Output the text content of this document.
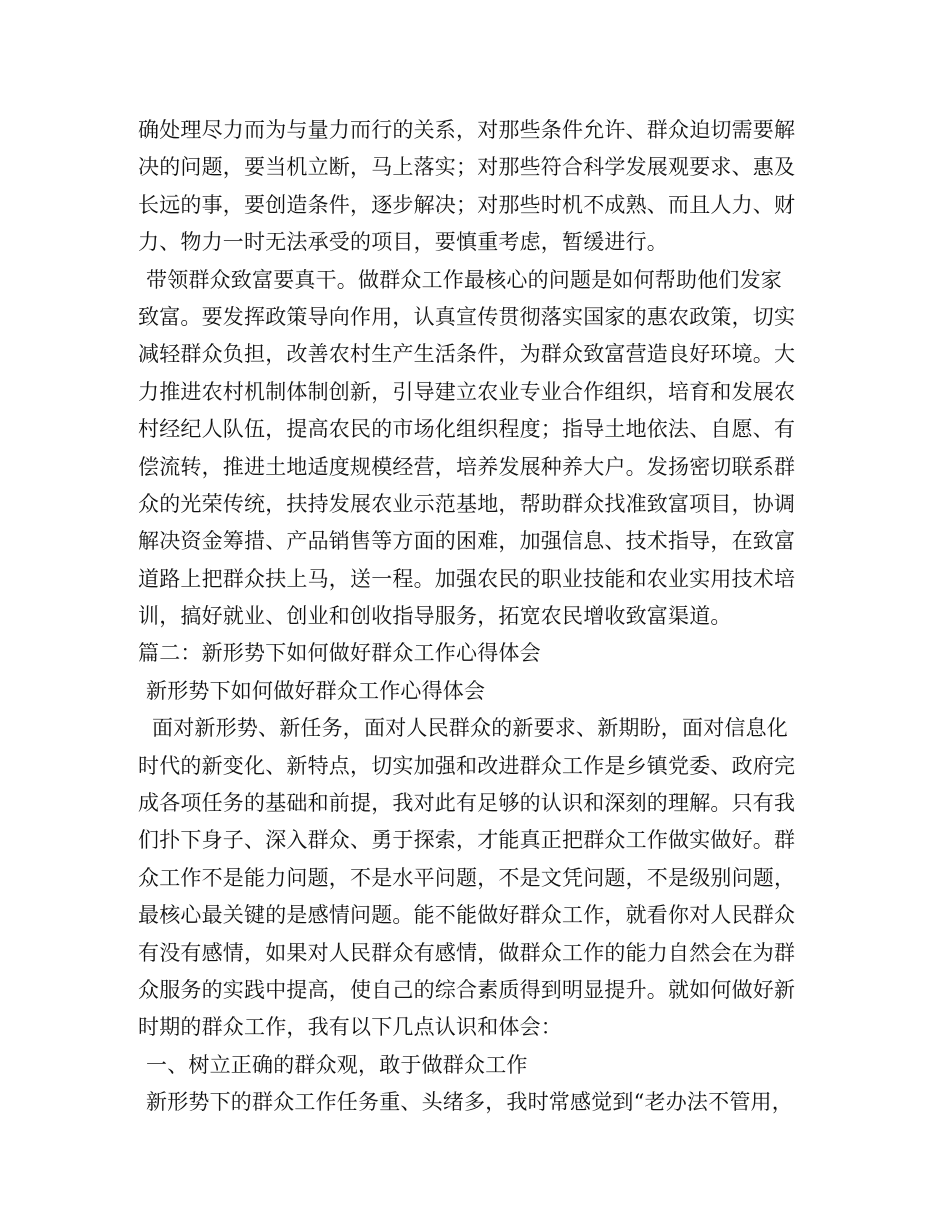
确处理尽力而为与量力而行的关系，对那些条件允许、群众迫切需要解
决的问题，要当机立断，马上落实；对那些符合科学发展观要求、惠及
长远的事，要创造条件，逐步解决；对那些时机不成熟、而且人力、财
力、物力一时无法承受的项目，要慎重考虑，暂缓进行。
带领群众致富要真干。做群众工作最核心的问题是如何帮助他们发家
致富。要发挥政策导向作用，认真宣传贯彻落实国家的惠农政策，切实
减轻群众负担，改善农村生产生活条件，为群众致富营造良好环境。大
力推进农村机制体制创新，引导建立农业专业合作组织，培育和发展农
村经纪人队伍，提高农民的市场化组织程度；指导土地依法、自愿、有
偿流转，推进土地适度规模经营，培养发展种养大户。发扬密切联系群
众的光荣传统，扶持发展农业示范基地，帮助群众找准致富项目，协调
解决资金筹措、产品销售等方面的困难，加强信息、技术指导，在致富
道路上把群众扶上马，送一程。加强农民的职业技能和农业实用技术培
训，搞好就业、创业和创收指导服务，拓宽农民增收致富渠道。
篇二：新形势下如何做好群众工作心得体会
新形势下如何做好群众工作心得体会
面对新形势、新任务，面对人民群众的新要求、新期盼，面对信息化
时代的新变化、新特点，切实加强和改进群众工作是乡镇党委、政府完
成各项任务的基础和前提，我对此有足够的认识和深刻的理解。只有我
们扑下身子、深入群众、勇于探索，才能真正把群众工作做实做好。群
众工作不是能力问题，不是水平问题，不是文凭问题，不是级别问题，
最核心最关键的是感情问题。能不能做好群众工作，就看你对人民群众
有没有感情，如果对人民群众有感情，做群众工作的能力自然会在为群
众服务的实践中提高，使自己的综合素质得到明显提升。就如何做好新
时期的群众工作，我有以下几点认识和体会：
一、树立正确的群众观，敢于做群众工作
新形势下的群众工作任务重、头绪多，我时常感觉到“老办法不管用，
